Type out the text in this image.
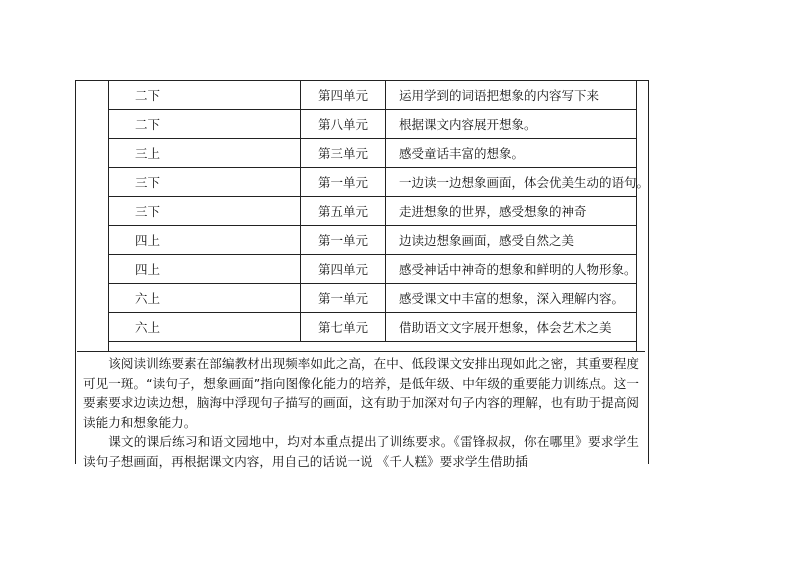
二下	第四单元	运用学到的词语把想象的内容写下来
二下	第八单元	根据课文内容展开想象。
三上	第三单元	感受童话丰富的想象。
三下	第一单元	一边读一边想象画面，体会优美生动的语句。
三下	第五单元	走进想象的世界，感受想象的神奇
四上	第一单元	边读边想象画面，感受自然之美
四上	第四单元	感受神话中神奇的想象和鲜明的人物形象。
六上	第一单元	感受课文中丰富的想象，深入理解内容。
六上	第七单元	借助语文文字展开想象，体会艺术之美

该阅读训练要素在部编教材出现频率如此之高，在中、低段课文安排出现如此之密，其重要程度可见一斑。“读句子，想象画面”指向图像化能力的培养，是低年级、中年级的重要能力训练点。这一要素要求边读边想，脑海中浮现句子描写的画面，这有助于加深对句子内容的理解，也有助于提高阅读能力和想象能力。

课文的课后练习和语文园地中，均对本重点提出了训练要求。《雷锋叔叔，你在哪里》要求学生读句子想画面，再根据课文内容，用自己的话说一说 《千人糕》要求学生借助插
